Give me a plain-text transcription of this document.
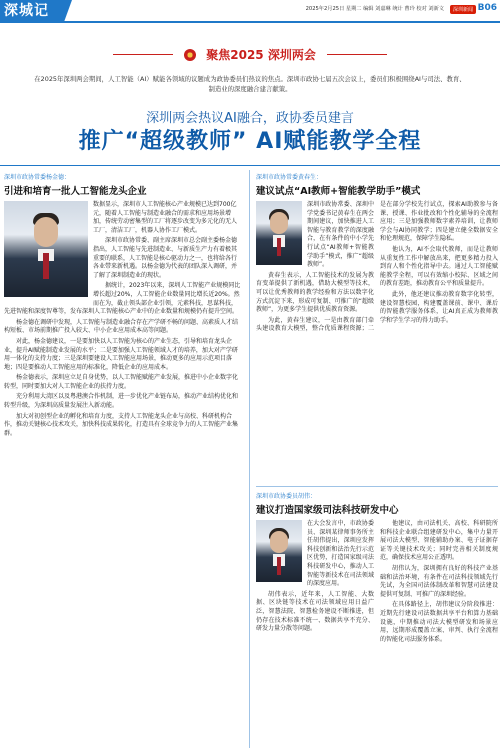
深城记	2025年2月25日 星期二 编辑 刘嘉琳 统计 曹玲 校对 刘新文	深圳新闻 B06
聚焦2025 深圳两会

在2025年深圳两会期间，人工智能（AI）赋能各领域的议题成为政协委员们热议的焦点。深圳市政协七届五次会议上，委员们积极围绕AI与司法、教育、制造业的深度融合建言献策。

深圳两会热议AI融合，政协委员建言
推广“超级教师” AI赋能教学全程
深圳市政协常委杨金德：
引进和培育一批人工智能龙头企业

数据显示，深圳市人工智能核心产业规模已达到700亿元，随着人工智能与制造业融合的需求和应用场景增加，传统劳动密集型的工厂将逐步改变为多元化的无人工厂，清洁工厂，机器人协作工厂模式。

深圳市政协常委、副主席深圳市总会副主委杨金德指出，人工智能与先进制造业、与新质生产力有着极其重要的联系，人工智能是核心驱动力之一，也将给各行各业带来新机遇。以杨金德为代表的团队深入调研，并了解了深圳制造业的现状。

据统计，2023年以来，深圳人工智能产业规模同比增长超过20%，人工智能企业数量同比增长近20%。然而在为，截止领头部企业引领，元素科技，思谋科技，先进智能和深度智尊等，发布深圳人工智能核心产业中的企业数量和规模仍有提升空间。

杨金德在调研中发现，人工智能与制造业融合存在产学研不畅的问题、高素质人才结构短板、市场前期推广投入较大、中小企业应用成本高等问题。

对此，杨金德建议，一是要加快以人工智能为核心的产业生态，引导和培育龙头企业，提升AI赋能制造业发展的水平；二是要加强人工智能领域人才的培养，加大对产学研用一体化的支持力度；三是深圳要建设人工智能应用场景，推动更多的应用示范项目落地；四是要推动人工智能应用的标准化，降低企业的应用成本。

杨金德表示，深圳应立足自身优势，以人工智能赋能产业发展，推进中小企业数字化转型，同时要加大对人工智能企业的扶持力度。

充分利用大湾区以及粤港澳合作机制，进一步优化产业链布局，推动产业结构优化和转型升级，为深圳高质量发展注入新动能。

加大对初创型企业的孵化和培育力度，支持人工智能龙头企业与高校、科研机构合作，推动关键核心技术攻关，加快科技成果转化，打造具有全球竞争力的人工智能产业集群。

深圳市政协常委黄春生：
建议试点“AI教师+智能教学助手”模式

深圳市政协常委、深圳中学党委书记黄春生在两会期间建议，加快推进人工智能与教育教学的深度融合，在有条件的中小学先行试点“AI教师+智能教学助手”模式，推广“超级教师”。

黄春生表示，人工智能技术的发展为教育变革提供了新机遇，借助大模型等技术，可以让优秀教师的教学经验和方法以数字化方式沉淀下来，形成可复制、可推广的“超级教师”，为更多学生提供优质教育资源。

为此，黄春生建议，一是由教育部门牵头建设教育大模型，整合优质课程资源；二是在部分学校先行试点，探索AI助教参与备课、授课、作业批改和个性化辅导的全流程应用；三是加强教师数字素养培训，让教师学会与AI协同教学；四是建立健全数据安全和伦理规范，保障学生隐私。

他认为，AI不会取代教师，而是让教师从重复性工作中解放出来，把更多精力投入到育人和个性化指导中去。通过人工智能赋能教学全程，可以有效缩小校际、区域之间的教育差距，推动教育公平和质量提升。

此外，他还建议推动教育数字化转型，建设智慧校园，构建覆盖课前、课中、课后的智能教学服务体系，让AI真正成为教师教学和学生学习的得力助手。

深圳市政协委员胡伟：
建议打造国家级司法科技研发中心

在大会发言中，市政协委员、深圳某律师事务所主任胡伟提出，深圳应发挥科技创新和法治先行示范区优势，打造国家级司法科技研发中心，推动人工智能等新技术在司法领域的深度应用。

胡伟表示，近年来，人工智能、大数据、区块链等技术在司法领域应用日益广泛，智慧法院、智慧检务建设不断推进，但仍存在技术标准不统一、数据共享不充分、研发力量分散等问题。

他建议，由司法机关、高校、科研院所和科技企业联合组建研发中心，集中力量开展司法大模型、智能辅助办案、电子证据存证等关键技术攻关；同时完善相关制度规范，确保技术应用公正透明。

胡伟认为，深圳拥有良好的科技产业基础和法治环境，有条件在司法科技领域先行先试，为全国司法体制改革和智慧司法建设提供可复制、可推广的深圳经验。

在具体路径上，胡伟建议分阶段推进：近期先行建设司法数据共享平台和算力基础设施，中期推动司法大模型研发和场景应用，远期形成覆盖立案、审判、执行全流程的智能化司法服务体系。
